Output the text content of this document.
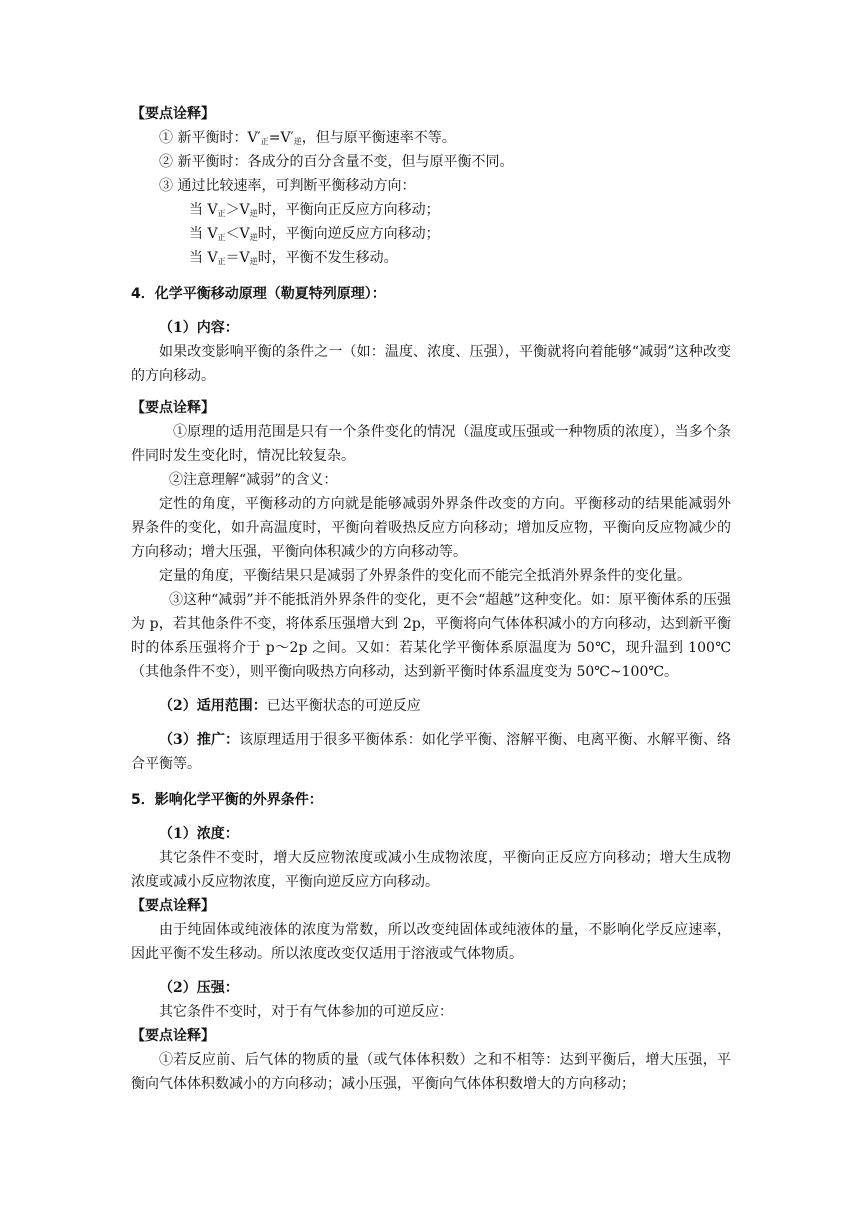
【要点诠释】

① 新平衡时：$V'_正=V'_逆$，但与原平衡速率不等。

② 新平衡时：各成分的百分含量不变，但与原平衡不同。

③ 通过比较速率，可判断平衡移动方向：

当 $V_正>V_逆$时，平衡向正反应方向移动；

当 $V_正<V_逆$时，平衡向逆反应方向移动；

当 $V_正=V_逆$时，平衡不发生移动。

4．化学平衡移动原理（勒夏特列原理）：

（1）内容：

如果改变影响平衡的条件之一（如：温度、浓度、压强），平衡就将向着能够“减弱”这种改变的方向移动。

【要点诠释】

①原理的适用范围是只有一个条件变化的情况（温度或压强或一种物质的浓度），当多个条件同时发生变化时，情况比较复杂。

②注意理解“减弱”的含义：

定性的角度，平衡移动的方向就是能够减弱外界条件改变的方向。平衡移动的结果能减弱外界条件的变化，如升高温度时，平衡向着吸热反应方向移动；增加反应物，平衡向反应物减少的方向移动；增大压强，平衡向体积减少的方向移动等。

定量的角度，平衡结果只是减弱了外界条件的变化而不能完全抵消外界条件的变化量。

③这种“减弱”并不能抵消外界条件的变化，更不会“超越”这种变化。如：原平衡体系的压强为 p，若其他条件不变，将体系压强增大到 2p，平衡将向气体体积减小的方向移动，达到新平衡时的体系压强将介于 p～2p 之间。又如：若某化学平衡体系原温度为 50℃，现升温到 100℃（其他条件不变），则平衡向吸热方向移动，达到新平衡时体系温度变为 50℃~100℃。

（2）适用范围：已达平衡状态的可逆反应

（3）推广：该原理适用于很多平衡体系：如化学平衡、溶解平衡、电离平衡、水解平衡、络合平衡等。

5．影响化学平衡的外界条件：

（1）浓度：

其它条件不变时，增大反应物浓度或减小生成物浓度，平衡向正反应方向移动；增大生成物浓度或减小反应物浓度，平衡向逆反应方向移动。

【要点诠释】

由于纯固体或纯液体的浓度为常数，所以改变纯固体或纯液体的量，不影响化学反应速率，因此平衡不发生移动。所以浓度改变仅适用于溶液或气体物质。

（2）压强：

其它条件不变时，对于有气体参加的可逆反应：

【要点诠释】

①若反应前、后气体的物质的量（或气体体积数）之和不相等：达到平衡后，增大压强，平衡向气体体积数减小的方向移动；减小压强，平衡向气体体积数增大的方向移动；
